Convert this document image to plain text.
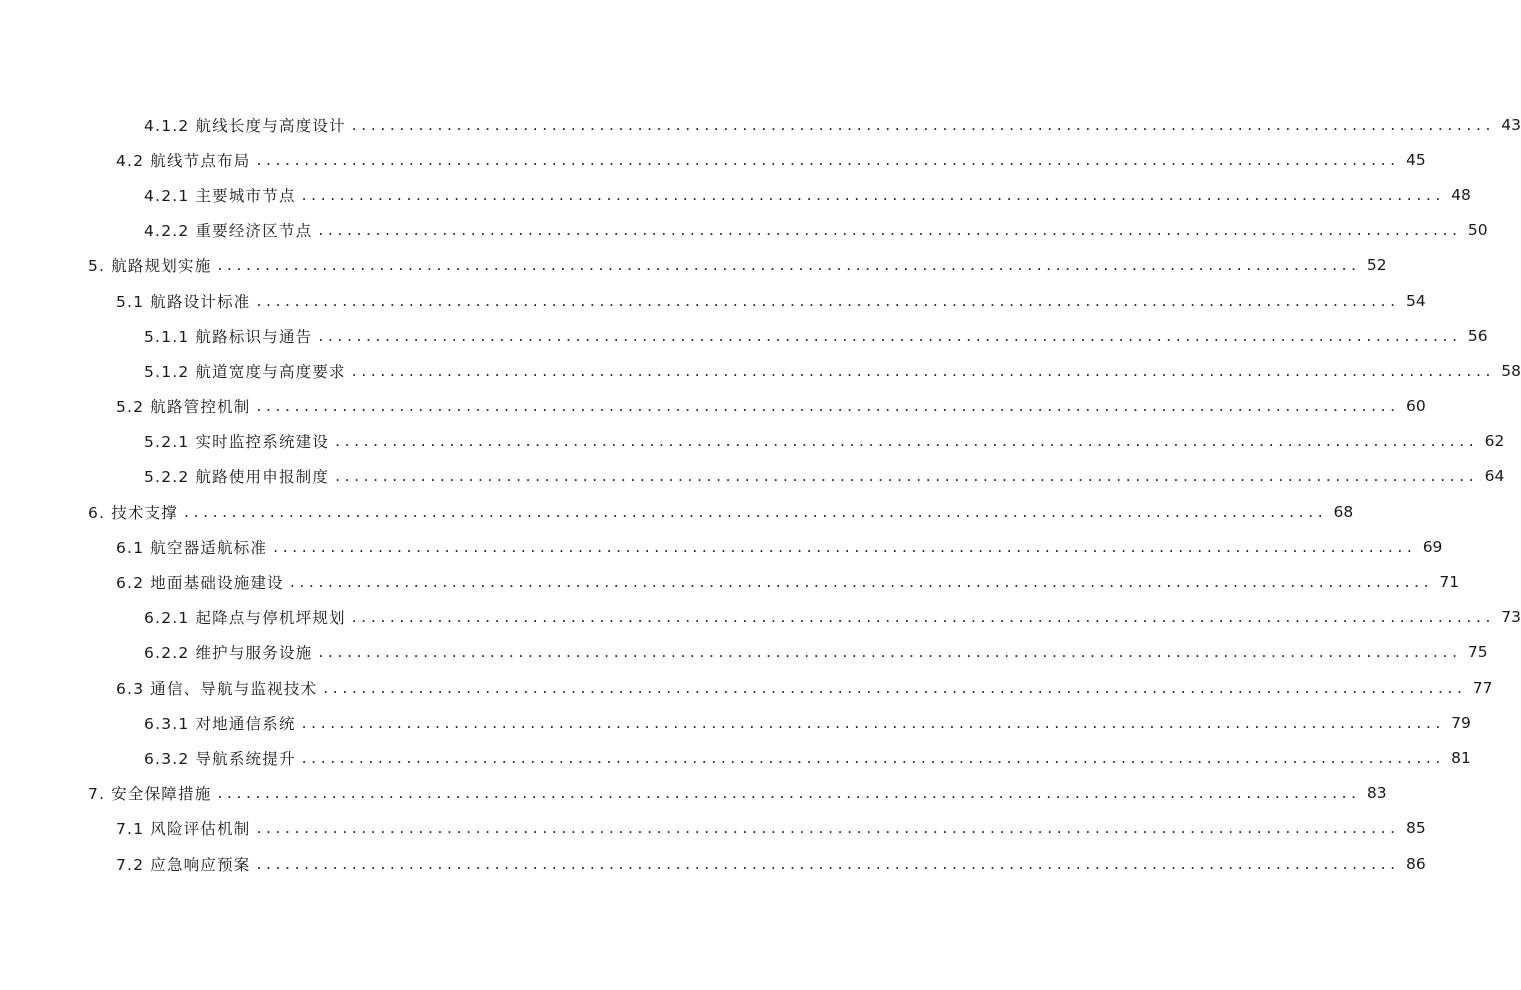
4.1.2 航线长度与高度设计 ........................................................................................................................ 43
4.2 航线节点布局 ........................................................................................................................ 45
4.2.1 主要城市节点 ........................................................................................................................ 48
4.2.2 重要经济区节点 ........................................................................................................................ 50
5. 航路规划实施 ........................................................................................................................ 52
5.1 航路设计标准 ........................................................................................................................ 54
5.1.1 航路标识与通告 ........................................................................................................................ 56
5.1.2 航道宽度与高度要求 ........................................................................................................................ 58
5.2 航路管控机制 ........................................................................................................................ 60
5.2.1 实时监控系统建设 ........................................................................................................................ 62
5.2.2 航路使用申报制度 ........................................................................................................................ 64
6. 技术支撑 ........................................................................................................................ 68
6.1 航空器适航标准 ........................................................................................................................ 69
6.2 地面基础设施建设 ........................................................................................................................ 71
6.2.1 起降点与停机坪规划 ........................................................................................................................ 73
6.2.2 维护与服务设施 ........................................................................................................................ 75
6.3 通信、导航与监视技术 ........................................................................................................................ 77
6.3.1 对地通信系统 ........................................................................................................................ 79
6.3.2 导航系统提升 ........................................................................................................................ 81
7. 安全保障措施 ........................................................................................................................ 83
7.1 风险评估机制 ........................................................................................................................ 85
7.2 应急响应预案 ........................................................................................................................ 86
